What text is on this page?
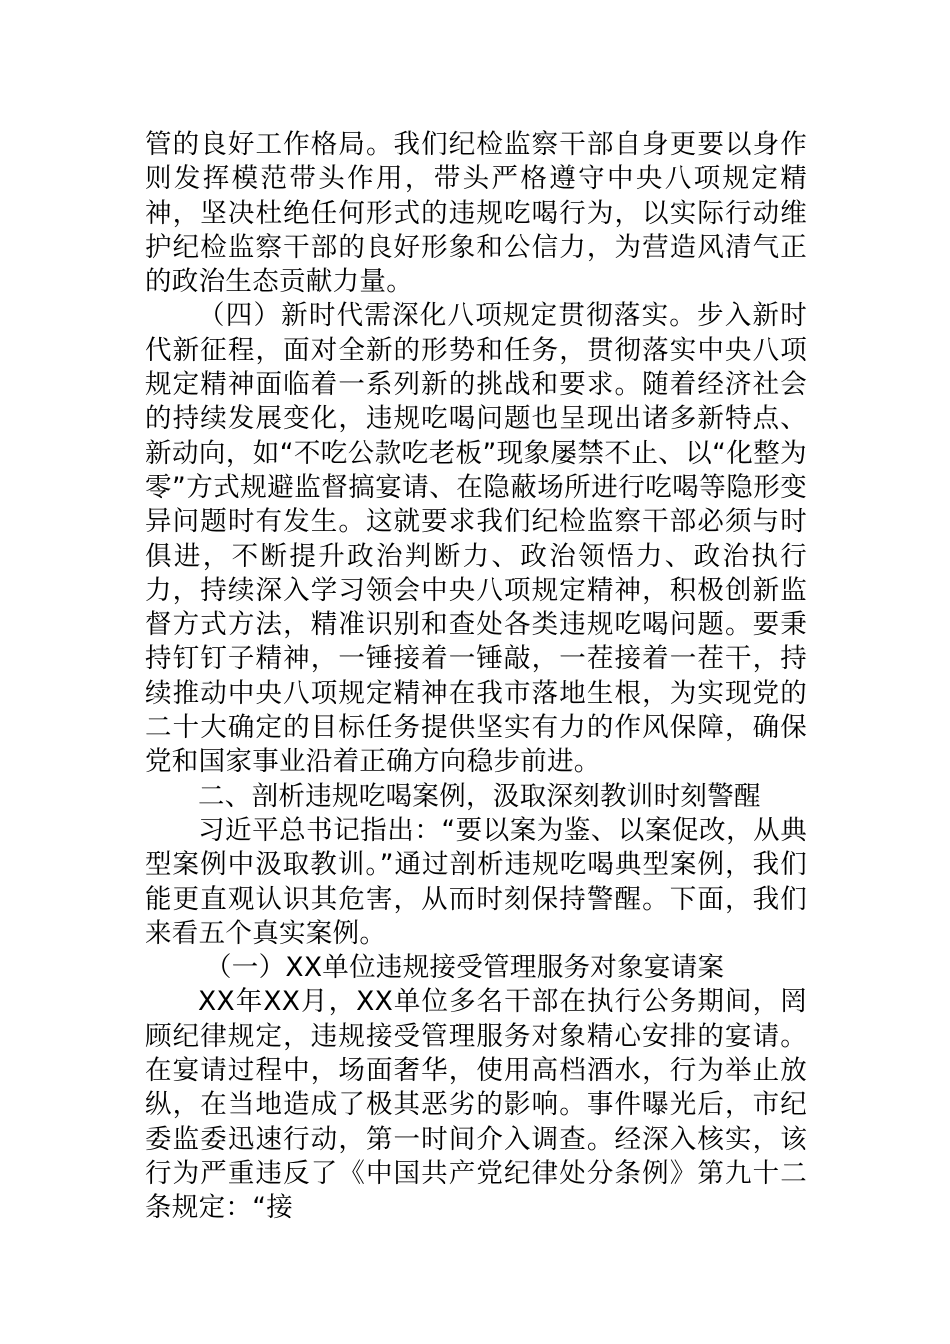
管的良好工作格局。我们纪检监察干部自身更要以身作则发挥模范带头作用，带头严格遵守中央八项规定精神，坚决杜绝任何形式的违规吃喝行为，以实际行动维护纪检监察干部的良好形象和公信力，为营造风清气正的政治生态贡献力量。

（四）新时代需深化八项规定贯彻落实。步入新时代新征程，面对全新的形势和任务，贯彻落实中央八项规定精神面临着一系列新的挑战和要求。随着经济社会的持续发展变化，违规吃喝问题也呈现出诸多新特点、新动向，如“不吃公款吃老板”现象屡禁不止、以“化整为零”方式规避监督搞宴请、在隐蔽场所进行吃喝等隐形变异问题时有发生。这就要求我们纪检监察干部必须与时俱进，不断提升政治判断力、政治领悟力、政治执行力，持续深入学习领会中央八项规定精神，积极创新监督方式方法，精准识别和查处各类违规吃喝问题。要秉持钉钉子精神，一锤接着一锤敲，一茬接着一茬干，持续推动中央八项规定精神在我市落地生根，为实现党的二十大确定的目标任务提供坚实有力的作风保障，确保党和国家事业沿着正确方向稳步前进。

二、剖析违规吃喝案例，汲取深刻教训时刻警醒

习近平总书记指出：“要以案为鉴、以案促改，从典型案例中汲取教训。”通过剖析违规吃喝典型案例，我们能更直观认识其危害，从而时刻保持警醒。下面，我们来看五个真实案例。

（一）XX单位违规接受管理服务对象宴请案

XX年XX月，XX单位多名干部在执行公务期间，罔顾纪律规定，违规接受管理服务对象精心安排的宴请。在宴请过程中，场面奢华，使用高档酒水，行为举止放纵，在当地造成了极其恶劣的影响。事件曝光后，市纪委监委迅速行动，第一时间介入调查。经深入核实，该行为严重违反了《中国共产党纪律处分条例》第九十二条规定：“接
